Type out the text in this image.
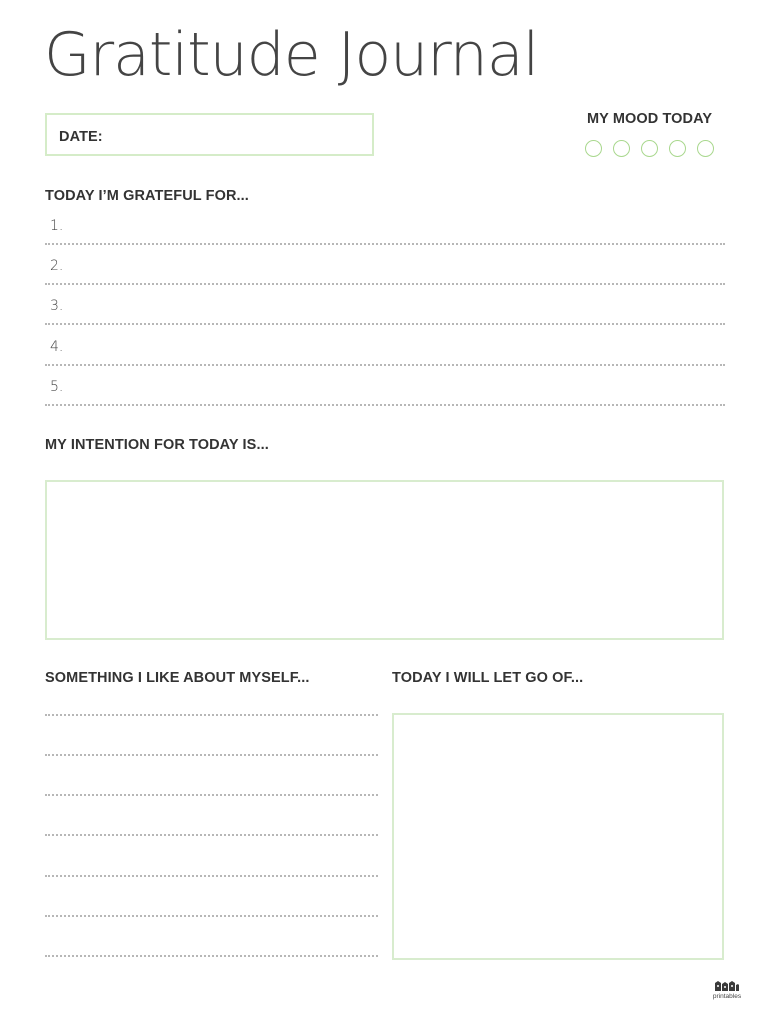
Gratitude Journal
DATE:
MY MOOD TODAY
TODAY I’M GRATEFUL FOR...
1.
2.
3.
4.
5.
MY INTENTION FOR TODAY IS...
SOMETHING I LIKE ABOUT MYSELF...	TODAY I WILL LET GO OF...
printables
